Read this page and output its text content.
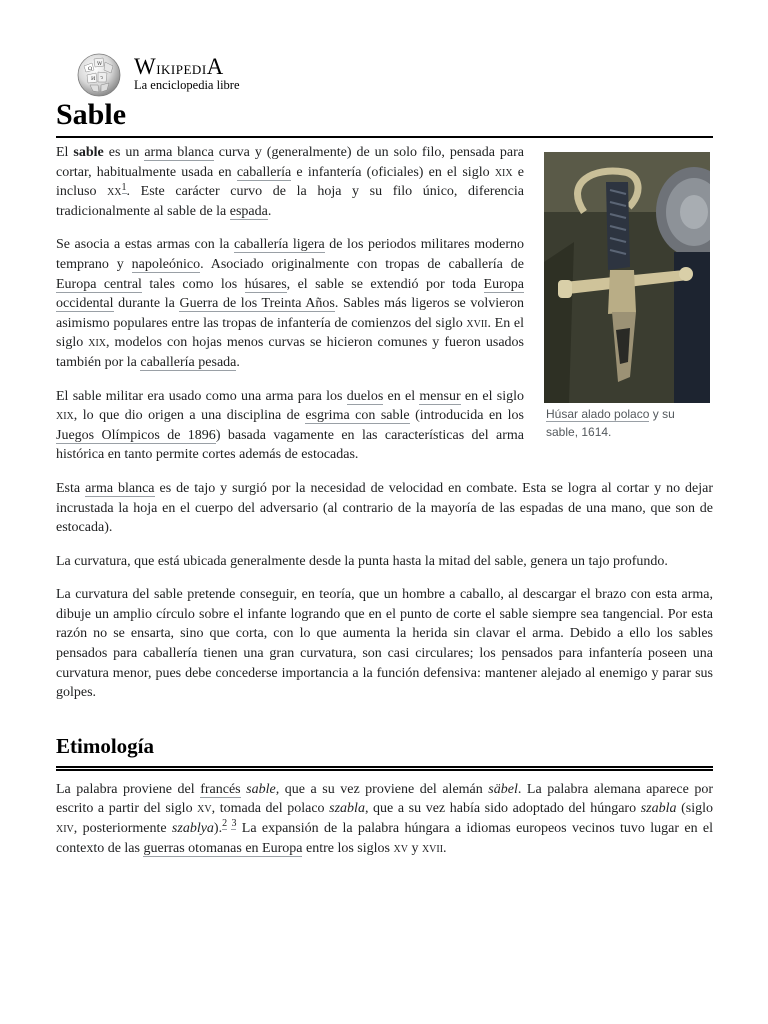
Ω
W
И ว WikipediA
La enciclopedia libre
Sable
Húsar alado polaco y su sable, 1614.

El sable es un arma blanca curva y (generalmente) de un solo filo, pensada para cortar, habitualmente usada en caballería e infantería (oficiales) en el siglo xix e incluso $xx^1$. Este carácter curvo de la hoja y su filo único, diferencia tradicionalmente al sable de la espada.

Se asocia a estas armas con la caballería ligera de los periodos militares moderno temprano y napoleónico. Asociado originalmente con tropas de caballería de Europa central tales como los húsares, el sable se extendió por toda Europa occidental durante la Guerra de los Treinta Años. Sables más ligeros se volvieron asimismo populares entre las tropas de infantería de comienzos del siglo xvii. En el siglo xix, modelos con hojas menos curvas se hicieron comunes y fueron usados también por la caballería pesada.

El sable militar era usado como una arma para los duelos en el mensur en el siglo xix, lo que dio origen a una disciplina de esgrima con sable (introducida en los Juegos Olímpicos de 1896) basada vagamente en las características del arma histórica en tanto permite cortes además de estocadas.

Esta arma blanca es de tajo y surgió por la necesidad de velocidad en combate. Esta se logra al cortar y no dejar incrustada la hoja en el cuerpo del adversario (al contrario de la mayoría de las espadas de una mano, que son de estocada).

La curvatura, que está ubicada generalmente desde la punta hasta la mitad del sable, genera un tajo profundo.

La curvatura del sable pretende conseguir, en teoría, que un hombre a caballo, al descargar el brazo con esta arma, dibuje un amplio círculo sobre el infante logrando que en el punto de corte el sable siempre sea tangencial. Por esta razón no se ensarta, sino que corta, con lo que aumenta la herida sin clavar el arma. Debido a ello los sables pensados para caballería tienen una gran curvatura, son casi circulares; los pensados para infantería poseen una curvatura menor, pues debe concederse importancia a la función defensiva: mantener alejado al enemigo y parar sus golpes.

Etimología

La palabra proviene del francés sable, que a su vez proviene del alemán säbel. La palabra alemana aparece por escrito a partir del siglo xv, tomada del polaco szabla, que a su vez había sido adoptado del húngaro szabla (siglo xiv, posteriormente szablya).$^{2 3}$ La expansión de la palabra húngara a idiomas europeos vecinos tuvo lugar en el contexto de las guerras otomanas en Europa entre los siglos xv y xvii.
